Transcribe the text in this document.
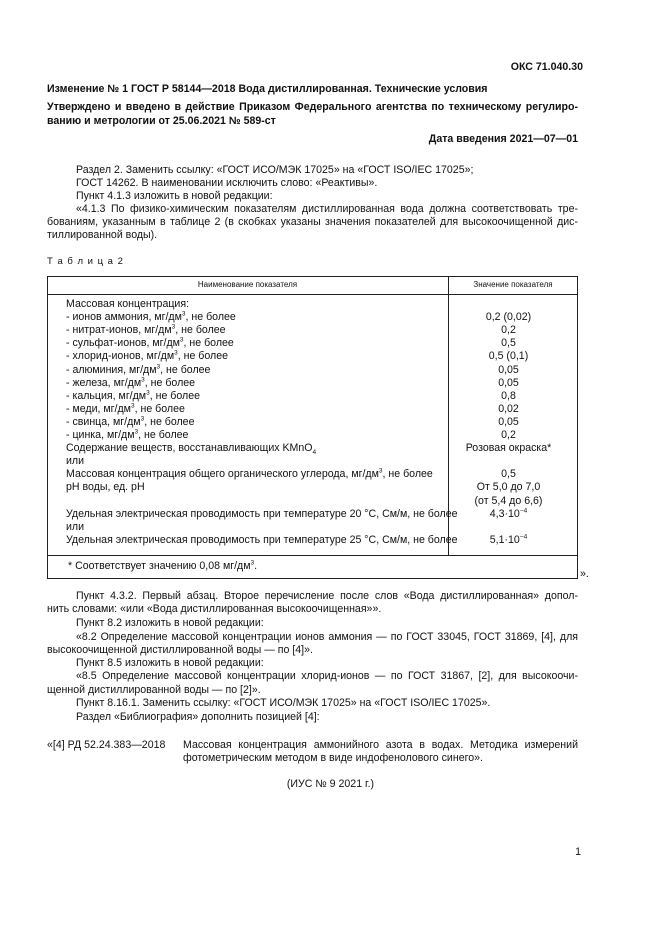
ОКС 71.040.30
Изменение № 1 ГОСТ Р 58144—2018 Вода дистиллированная. Технические условия
Утверждено и введено в действие Приказом Федерального агентства по техническому регулиро-
ванию и метрологии от 25.06.2021 № 589-ст
Дата введения 2021—07—01
Раздел 2. Заменить ссылку: «ГОСТ ИСО/МЭК 17025» на «ГОСТ ISO/IEC 17025»;
ГОСТ 14262. В наименовании исключить слово: «Реактивы».
Пункт 4.1.3 изложить в новой редакции:
«4.1.3 По физико-химическим показателям дистиллированная вода должна соответствовать тре-
бованиям, указанным в таблице 2 (в скобках указаны значения показателей для высокоочищенной дис-
тиллированной воды).
Т а б л и ц а 2
Наименование показателя	Значение показателя
Массовая концентрация:
- ионов аммония, $мг/дм^3$, не более	0,2 (0,02)
- нитрат-ионов, $мг/дм^3$, не более	0,2
- сульфат-ионов, $мг/дм^3$, не более	0,5
- хлорид-ионов, $мг/дм^3$, не более	0,5 (0,1)
- алюминия, $мг/дм^3$, не более	0,05
- железа, $мг/дм^3$, не более	0,05
- кальция, $мг/дм^3$, не более	0,8
- меди, $мг/дм^3$, не более	0,02
- свинца, $мг/дм^3$, не более	0,05
- цинка, $мг/дм^3$, не более	0,2
Содержание веществ, восстанавливающих KMnO$_4$	Розовая окраска*
или
Массовая концентрация общего органического углерода, $мг/дм^3$, не более	0,5
pH воды, ед. pH	От 5,0 до 7,0
(от 5,4 до 6,6)
Удельная электрическая проводимость при температуре 20 °С, См/м, не более	$4,3\cdot 10^{-4}$
или
Удельная электрическая проводимость при температуре 25 °С, См/м, не более	$5,1\cdot 10^{-4}$
* Соответствует значению 0,08 $мг/дм^3$.
».
Пункт 4.3.2. Первый абзац. Второе перечисление после слов «Вода дистиллированная» допол-
нить словами: «или «Вода дистиллированная высокоочищенная»».
Пункт 8.2 изложить в новой редакции:
«8.2 Определение массовой концентрации ионов аммония — по ГОСТ 33045, ГОСТ 31869, [4], для
высокоочищенной дистиллированной воды — по [4]».
Пункт 8.5 изложить в новой редакции:
«8.5 Определение массовой концентрации хлорид-ионов — по ГОСТ 31867, [2], для высокоочи-
щенной дистиллированной воды — по [2]».
Пункт 8.16.1. Заменить ссылку: «ГОСТ ИСО/МЭК 17025» на «ГОСТ ISO/IEC 17025».
Раздел «Библиография» дополнить позицией [4]:
«[4] РД 52.24.383—2018 Массовая концентрация аммонийного азота в водах. Методика измерений
фотометрическим методом в виде индофенолового синего».
(ИУС № 9 2021 г.)
1
